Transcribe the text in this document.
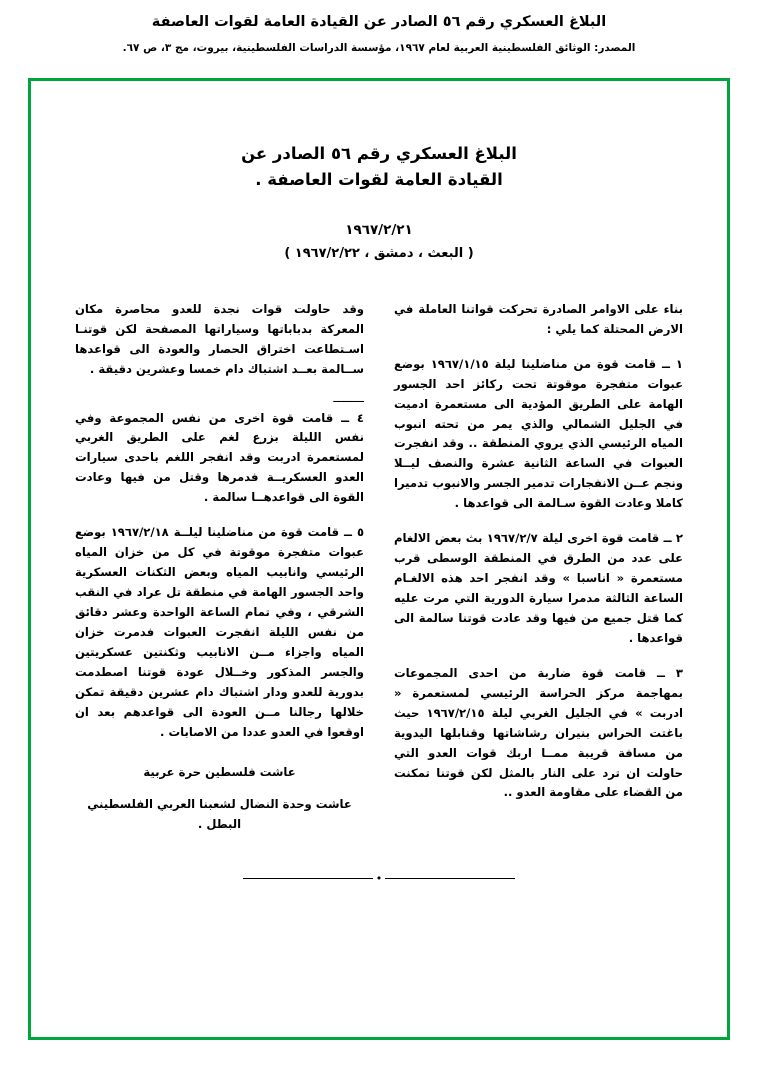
البلاغ العسكري رقم ٥٦ الصادر عن القيادة العامة لقوات العاصفة
المصدر: الوثائق الفلسطينية العربية لعام ١٩٦٧، مؤسسة الدراسات الفلسطينية، بيروت، مج ٣، ص ٦٧.
البلاغ العسكري رقم ٥٦ الصادر عن
القيادة العامة لقوات العاصفة .
١٩٦٧/٢/٢١
( البعث ، دمشق ، ١٩٦٧/٢/٢٢ )

بناء على الاوامر الصادرة تحركت قواتنا العاملة في الارض المحتلة كما يلي :

١ ــ قامت قوة من مناضلينا ليلة ١٩٦٧/١/١٥ بوضع عبوات متفجرة موقوتة تحت ركائز احد الجسور الهامة على الطريق المؤدية الى مستعمرة ادميت في الجليل الشمالي والذي يمر من تحته انبوب المياه الرئيسي الذي يروي المنطقة .. وقد انفجرت العبوات في الساعة الثانية عشرة والنصف ليــلا ونجم عــن الانفجارات تدمير الجسر والانبوب تدميرا كاملا وعادت القوة سـالمة الى قواعدها .

٢ ــ قامت قوة اخرى ليلة ١٩٦٧/٢/٧ بث بعض الالغام على عدد من الطرق في المنطقة الوسطى قرب مستعمرة « اناسبا » وقد انفجر احد هذه الالغـام الساعة الثالثة مدمرا سيارة الدورية التي مرت عليه كما قتل جميع من فيها وقد عادت قوتنا سالمة الى قواعدها .

٣ ــ قامت قوة ضاربة من احدى المجموعات بمهاجمة مركز الحراسة الرئيسي لمستعمرة « ادربت » في الجليل الغربي ليلة ١٩٦٧/٢/١٥ حيث باغتت الحراس بنيران رشاشاتها وقنابلها اليدوية من مسافة قريبة ممــا اربك قوات العدو التي حاولت ان ترد على النار بالمثل لكن قوتنا تمكنت من القضاء على مقاومة العدو ..

وقد حاولت قوات نجدة للعدو محاصرة مكان المعركة بدباباتها وسياراتها المصفحة لكن قوتنـا اسـتطاعت اختراق الحصار والعودة الى قواعدها ســالمة بعــد اشتباك دام خمسا وعشرين دقيقة .

ـــــــــ

٤ ــ قامت قوة اخرى من نفس المجموعة وفي نفس الليلة بزرع لغم على الطريق الغربي لمستعمرة ادربت وقد انفجر اللغم باحدى سيارات العدو العسكريــة فدمرها وقتل من فيها وعادت القوة الى قواعدهــا سالمة .

٥ ــ قامت قوة من مناضلينا ليلــة ١٩٦٧/٢/١٨ بوضع عبوات متفجرة موقوتة في كل من خزان المياه الرئيسي وانابيب المياه وبعض الثكنات العسكرية واحد الجسور الهامة في منطقة تل عراد في النقب الشرقي ، وفي تمام الساعة الواحدة وعشر دقائق من نفس الليلة انفجرت العبوات فدمرت خزان المياه واجزاء مــن الانابيب وثكنتين عسكريتين والجسر المذكور وخــلال عودة قوتنا اصطدمت بدورية للعدو ودار اشتباك دام عشرين دقيقة تمكن خلالها رجالنا مــن العودة الى قواعدهم بعد ان اوقعوا في العدو عددا من الاصابات .

عاشت فلسطين حرة عربية

عاشت وحدة النضال لشعبنا العربي الفلسطيني البطل .

•
